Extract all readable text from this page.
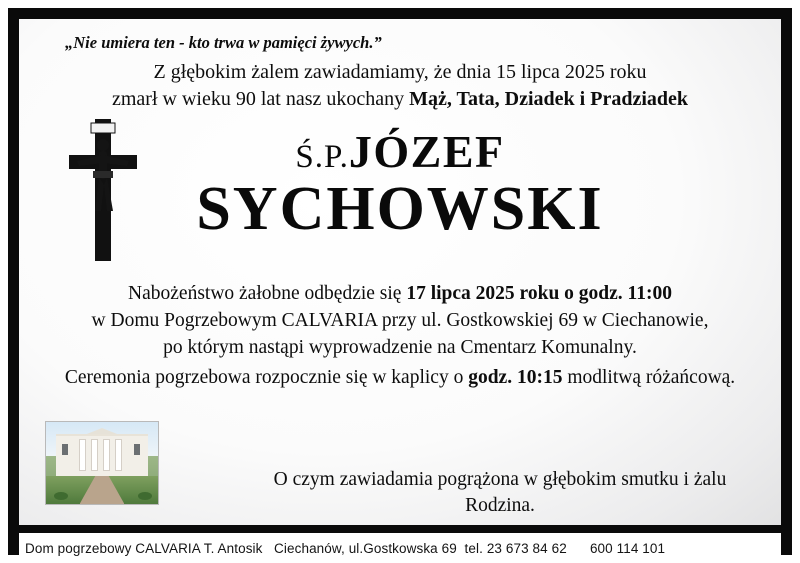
„Nie umiera ten - kto trwa w pamięci żywych.”
Z głębokim żalem zawiadamiamy, że dnia 15 lipca 2025 roku
zmarł w wieku 90 lat nasz ukochany Mąż, Tata, Dziadek i Pradziadek
Ś.P.JÓZEF
SYCHOWSKI
Nabożeństwo żałobne odbędzie się 17 lipca 2025 roku o godz. 11:00
w Domu Pogrzebowym CALVARIA przy ul. Gostkowskiej 69 w Ciechanowie,
po którym nastąpi wyprowadzenie na Cmentarz Komunalny.
Ceremonia pogrzebowa rozpocznie się w kaplicy o godz. 10:15 modlitwą różańcową.
O czym zawiadamia pogrążona w głębokim smutku i żalu
Rodzina.
Dom pogrzebowy CALVARIA T. Antosik   Ciechanów, ul.Gostkowska 69  tel. 23 673 84 62      600 114 101
